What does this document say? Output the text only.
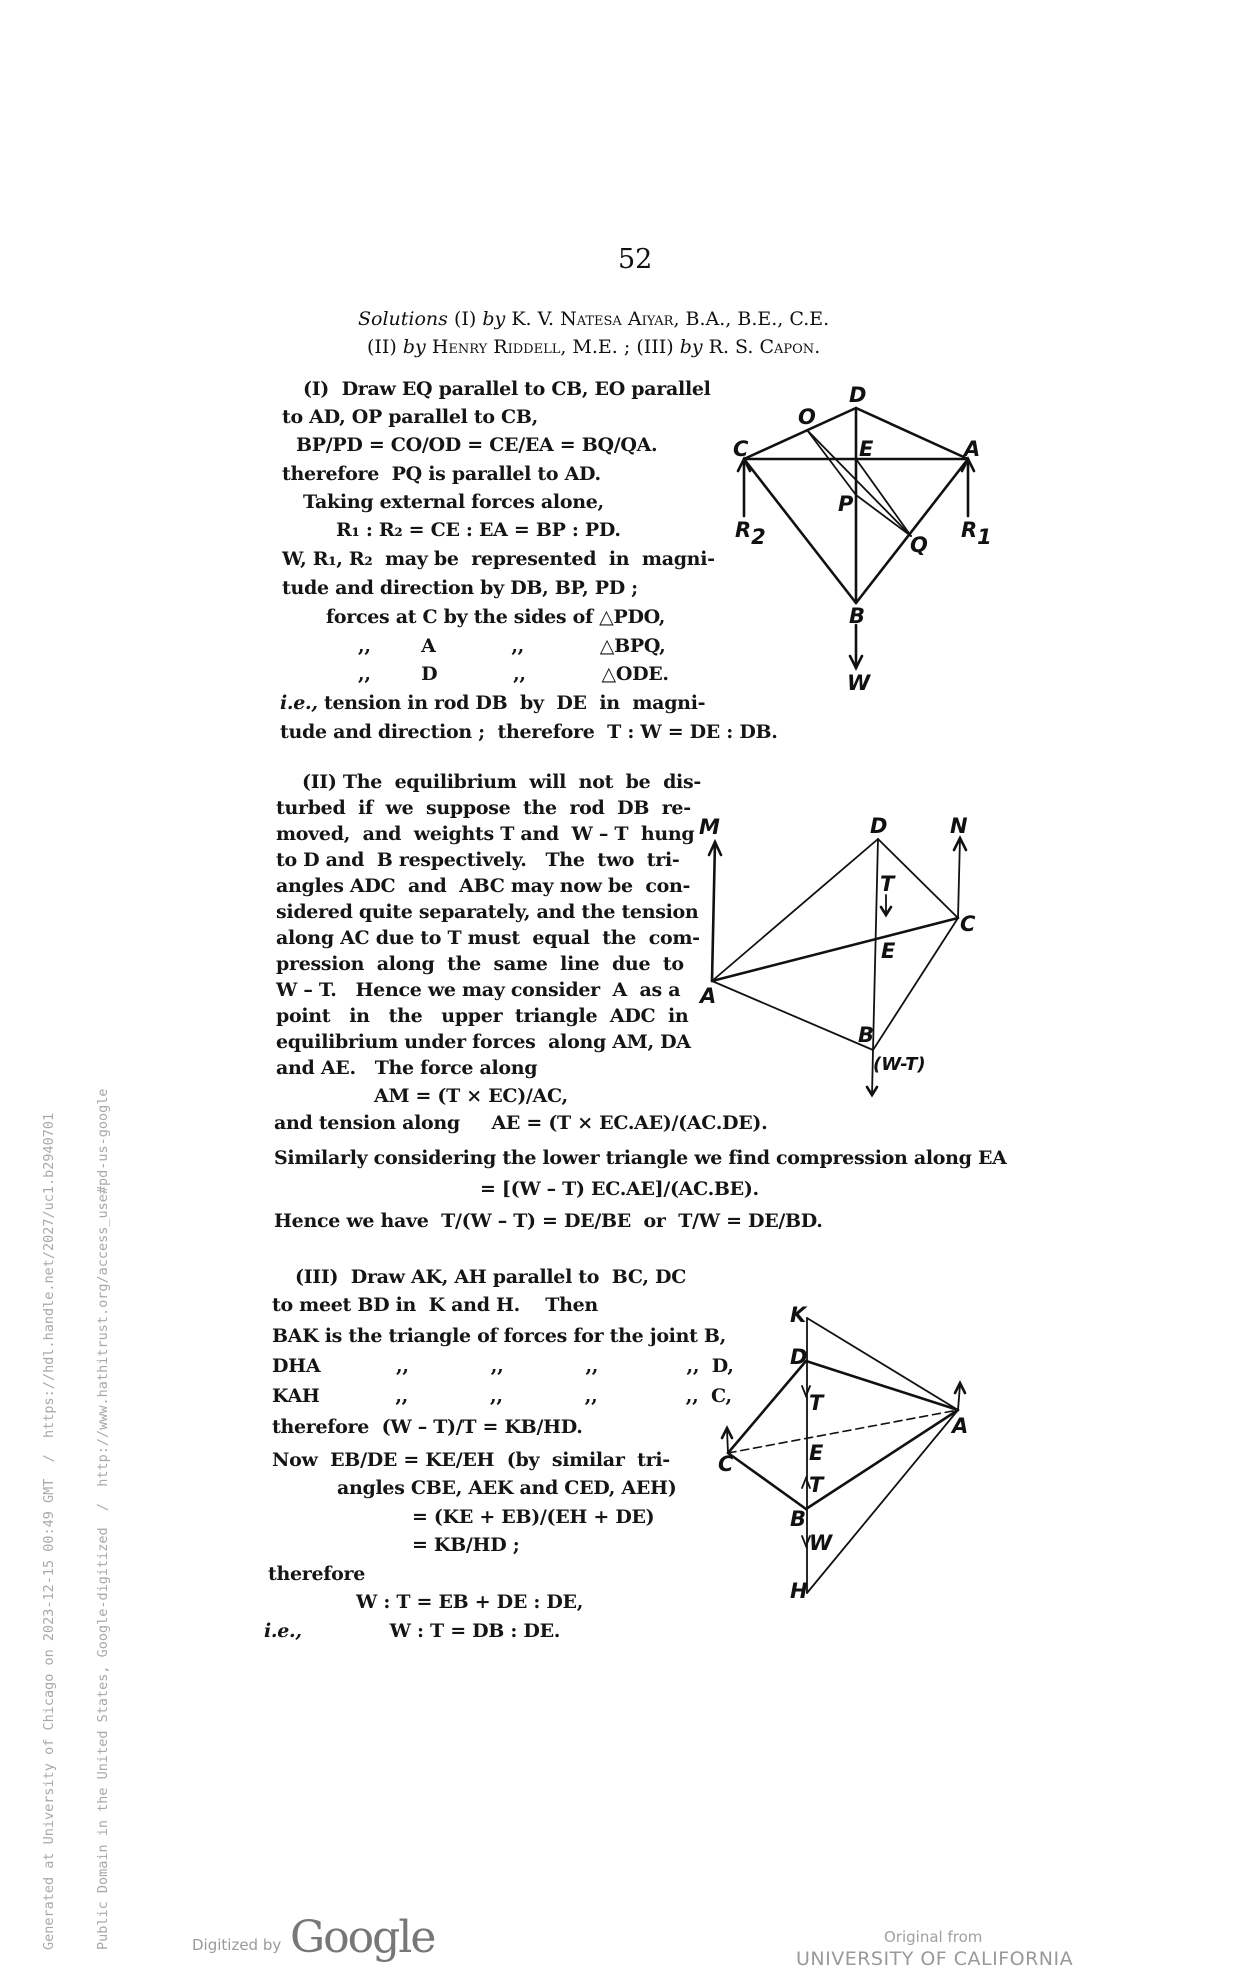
52
Solutions (I) by K. V. Natesa Aiyar, B.A., B.E., C.E.
(II) by Henry Riddell, M.E. ; (III) by R. S. Capon.
(I)  Draw EQ parallel to CB, EO parallel
to AD, OP parallel to CB,
BP/PD = CO/OD = CE/EA = BQ/QA.
therefore  PQ is parallel to AD.
Taking external forces alone,
R₁ : R₂ = CE : EA = BP : PD.
W, R₁, R₂  may be  represented  in  magni-
tude and direction by DB, BP, PD ;
forces at C by the sides of △PDO,
,,        A            ,,            △BPQ,
,,        D            ,,            △ODE.
i.e., tension in rod DB  by  DE  in  magni-
tude and direction ;  therefore  T : W = DE : DB.
D
O
C	E	A
P
Q
R2	R1
B
W
(II) The  equilibrium  will  not  be  dis-
turbed  if  we  suppose  the  rod  DB  re-
moved,  and  weights T and  W – T  hung
to D and  B respectively.   The  two  tri-
angles ADC  and  ABC may now be  con-
sidered quite separately, and the tension
along AC due to T must  equal  the  com-
pression  along  the  same  line  due  to
W – T.   Hence we may consider  A  as a
point   in   the   upper  triangle  ADC  in
equilibrium under forces  along AM, DA
and AE.   The force along
AM = (T × EC)/AC,
and tension along     AE = (T × EC.AE)/(AC.DE).
Similarly considering the lower triangle we find compression along EA
= [(W – T) EC.AE]/(AC.BE).
Hence we have  T/(W – T) = DE/BE  or  T/W = DE/BD.
M	D	N
T
C
E
A
B
(W-T)
(III)  Draw AK, AH parallel to  BC, DC
to meet BD in  K and H.    Then
BAK is the triangle of forces for the joint B,
DHA            ,,             ,,             ,,              ,,  D,
KAH            ,,             ,,             ,,              ,,  C,
therefore  (W – T)/T = KB/HD.
Now  EB/DE = KE/EH  (by  similar  tri-
angles CBE, AEK and CED, AEH)
= (KE + EB)/(EH + DE)
= KB/HD ;
therefore
W : T = EB + DE : DE,
i.e.,	W : T = DB : DE.
K
D
T
A
C	E
T
B
W
H

Generated at University of Chicago on 2023-12-15 00:49 GMT  /  https://hdl.handle.net/2027/uc1.b2940701

	Public Domain in the United States, Google-digitized  /  http://www.hathitrust.org/access_use#pd-us-google

	Digitized by Google	Original from
UNIVERSITY OF CALIFORNIA
